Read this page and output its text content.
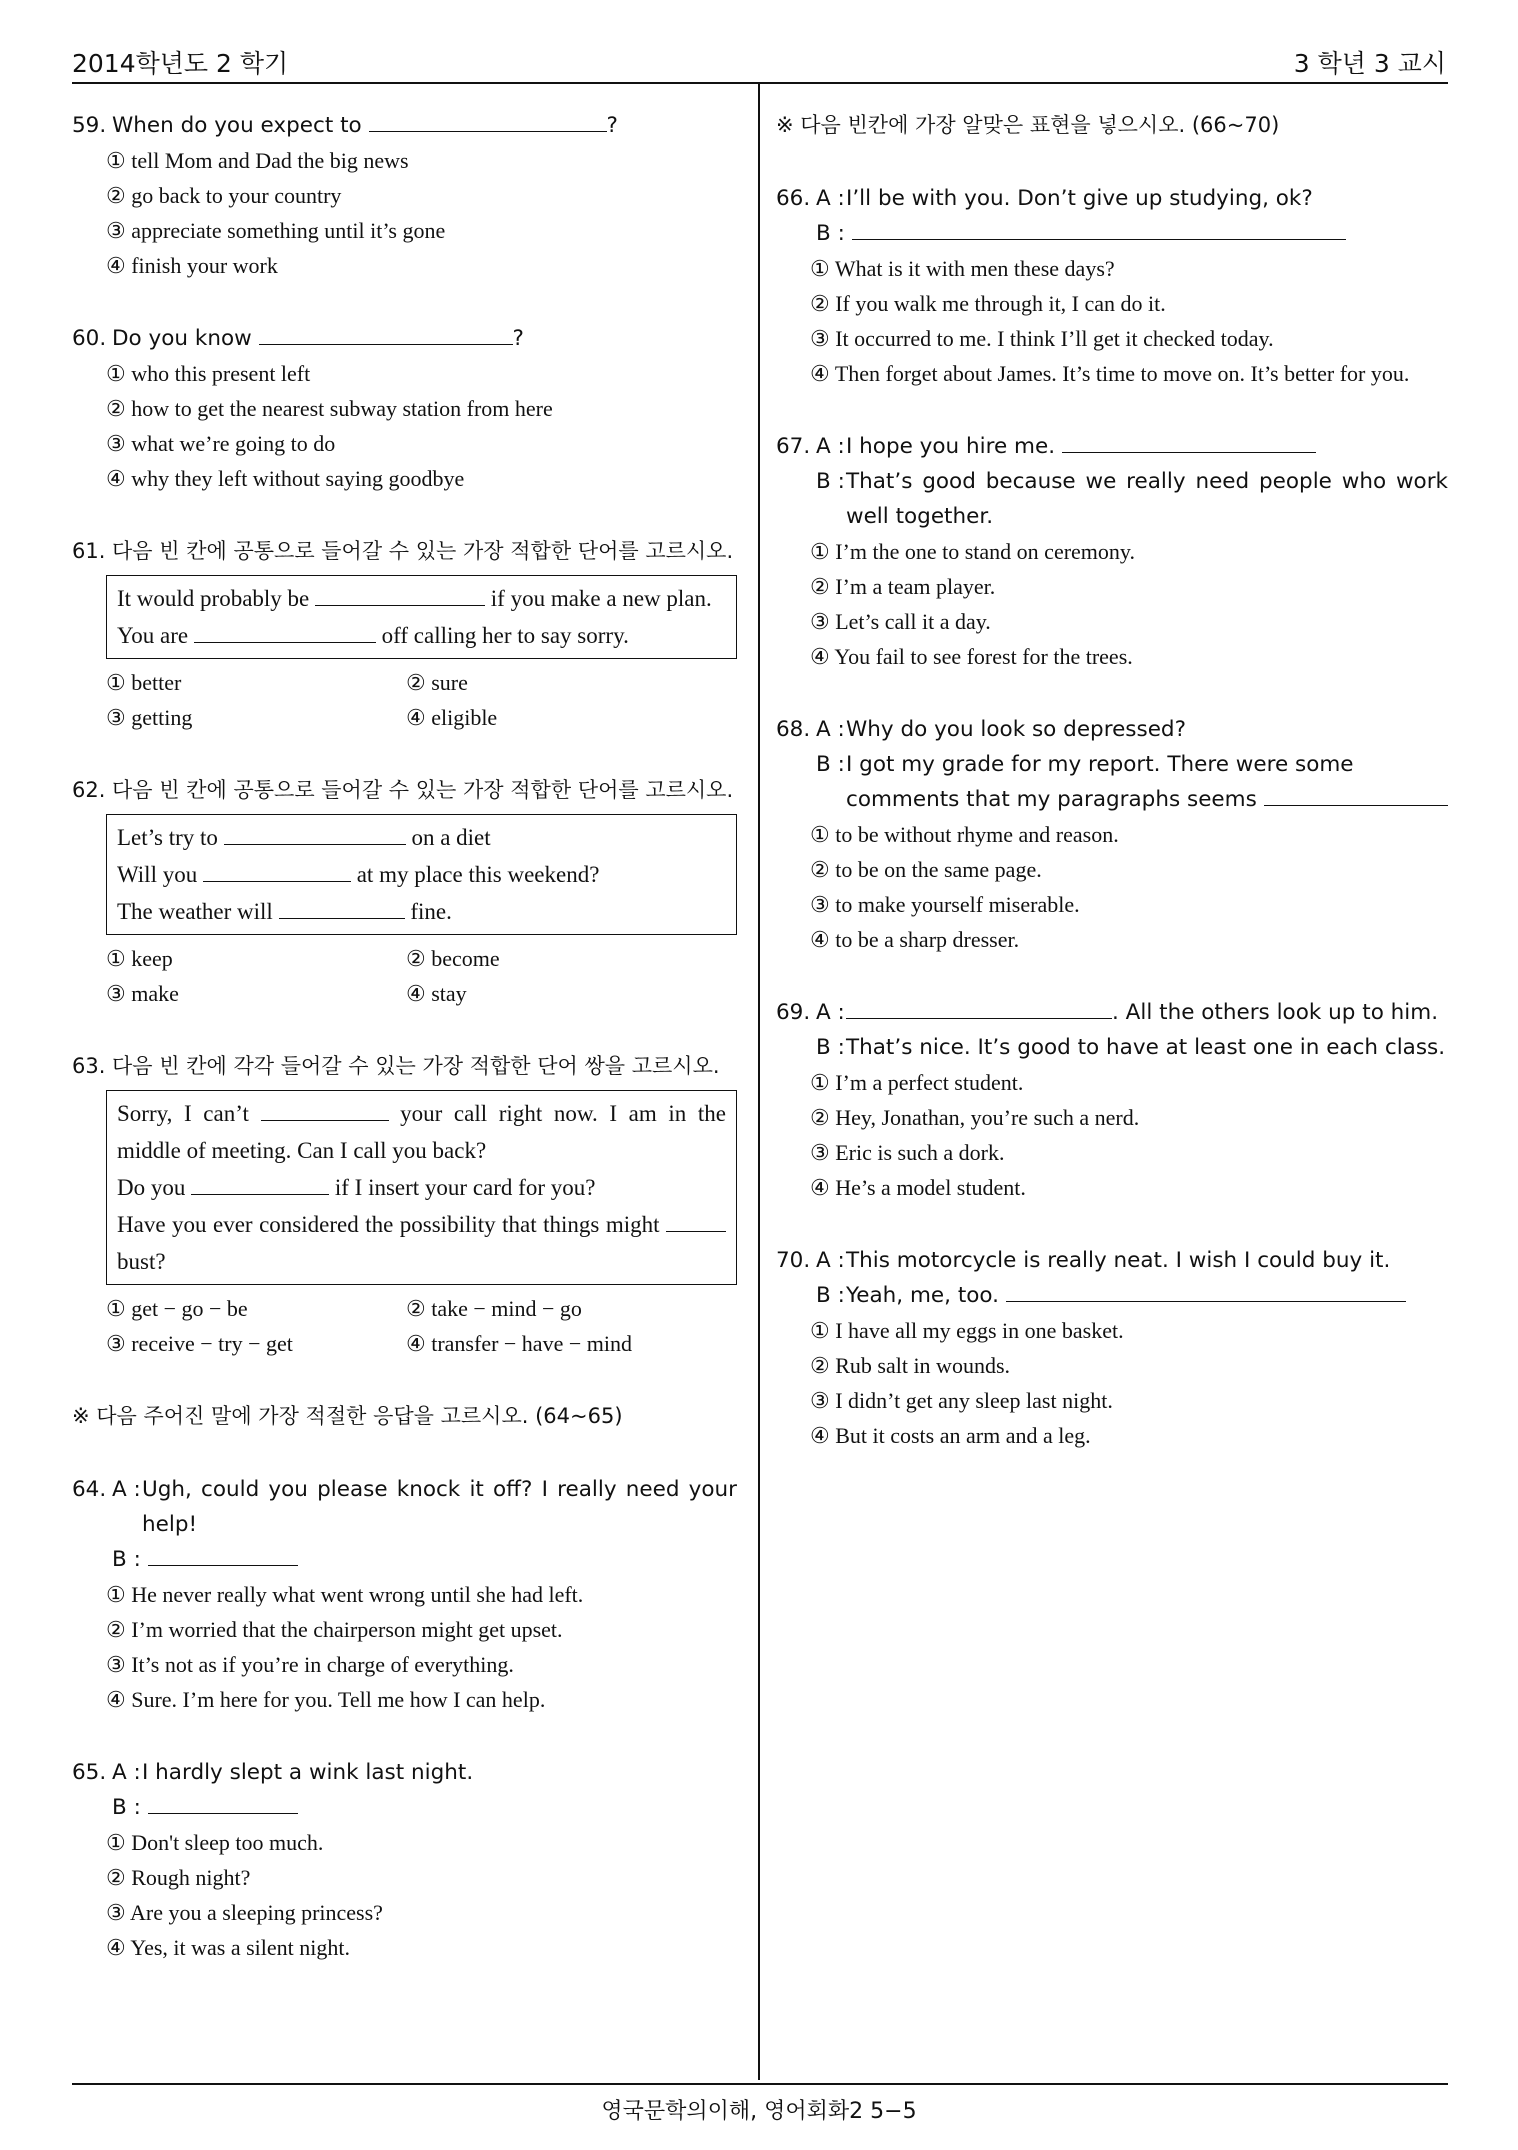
2014학년도 2 학기	3 학년 3 교시
59. When do you expect to	?
① tell Mom and Dad the big news
② go back to your country
③ appreciate something until it’s gone
④ finish your work
60. Do you know	?
① who this present left
② how to get the nearest subway station from here
③ what we’re going to do
④ why they left without saying goodbye
61. 다음 빈 칸에 공통으로 들어갈 수 있는 가장 적합한 단어를 고르시오.
It would probably be	if you make a new plan.
You are	off calling her to say sorry.
① better	② sure
③ getting	④ eligible
62. 다음 빈 칸에 공통으로 들어갈 수 있는 가장 적합한 단어를 고르시오.
Let’s try to	on a diet
Will you	at my place this weekend?
The weather will	fine.
① keep	② become
③ make	④ stay
63. 다음 빈 칸에 각각 들어갈 수 있는 가장 적합한 단어 쌍을 고르시오.
Sorry, I can’t	your call right now. I am in the middle of meeting. Can I call you back?
Do you	if I insert your card for you?
Have you ever considered the possibility that things might  bust?
① get − go − be	② take − mind − go
③ receive − try − get	④ transfer − have − mind
※ 다음 주어진 말에 가장 적절한 응답을 고르시오. (64~65)
64. A : Ugh, could you please knock it off? I really need your help!
B :
① He never really what went wrong until she had left.
② I’m worried that the chairperson might get upset.
③ It’s not as if you’re in charge of everything.
④ Sure. I’m here for you. Tell me how I can help.
65. A : I hardly slept a wink last night.
B :
① Don't sleep too much.
② Rough night?
③ Are you a sleeping princess?
④ Yes, it was a silent night.
※ 다음 빈칸에 가장 알맞은 표현을 넣으시오. (66~70)
66. A : I’ll be with you. Don’t give up studying, ok?
B :
① What is it with men these days?
② If you walk me through it, I can do it.
③ It occurred to me. I think I’ll get it checked today.
④ Then forget about James. It’s time to move on. It’s better for you.
67. A : I hope you hire me.
B : That’s good because we really need people who work well together.
① I’m the one to stand on ceremony.
② I’m a team player.
③ Let’s call it a day.
④ You fail to see forest for the trees.
68. A : Why do you look so depressed?
B : I got my grade for my report. There were some comments that my paragraphs seems
① to be without rhyme and reason.
② to be on the same page.
③ to make yourself miserable.
④ to be a sharp dresser.
69. A :	. All the others look up to him.
B : That’s nice. It’s good to have at least one in each class.
① I’m a perfect student.
② Hey, Jonathan, you’re such a nerd.
③ Eric is such a dork.
④ He’s a model student.
70. A : This motorcycle is really neat. I wish I could buy it.
B : Yeah, me, too.
① I have all my eggs in one basket.
② Rub salt in wounds.
③ I didn’t get any sleep last night.
④ But it costs an arm and a leg.
영국문학의이해, 영어회화2 5−5
